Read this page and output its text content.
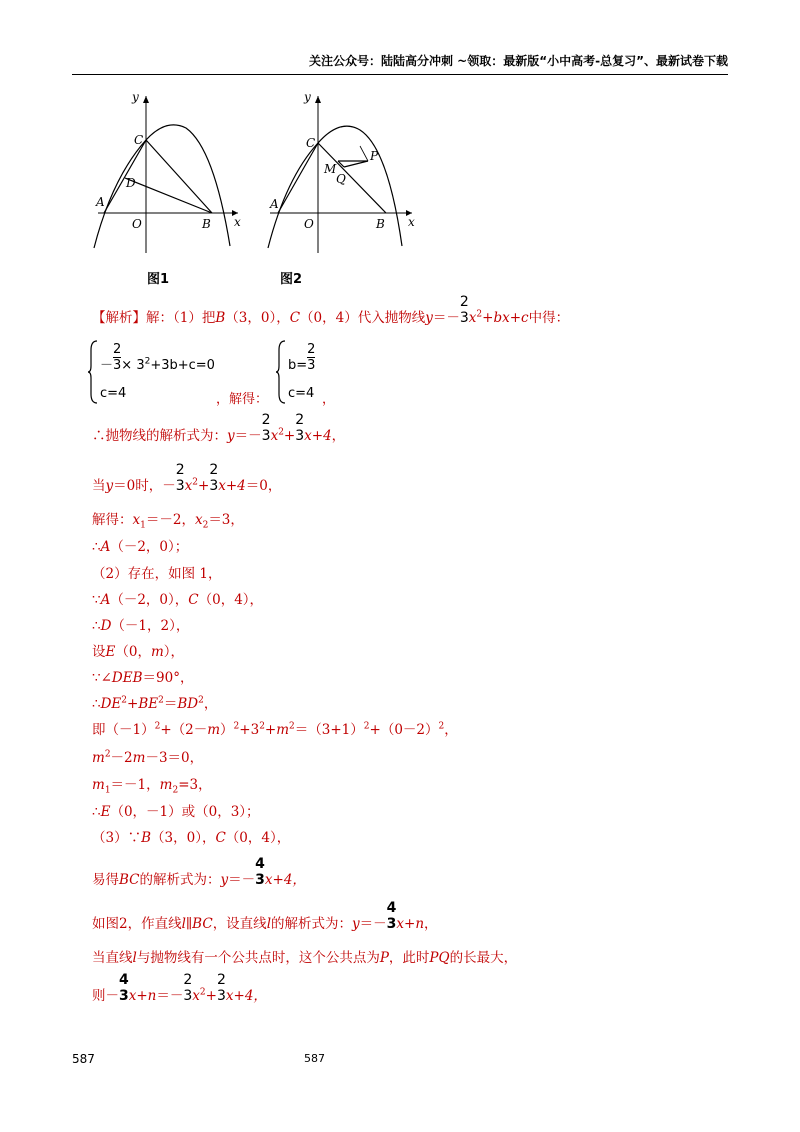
关注公众号：陆陆高分冲刺 ~领取：最新版“小中高考-总复习”、最新试卷下载
y
x
C
D
A
O	B
图1
y
x
C
P
M
Q
A
O	B
图2
【解析】解：（1）把B（3，0），C（0，4）代入抛物线y＝－
2
3 $x^2+bx+c$中得：
－ $\frac{2}{3} \times 3^2+3b+c=0$
c=4	，解得：
$b= \frac{2}{3}$
c=4 ，
∴抛物线的解析式为：y＝－
2
3 $x^2+$
2
3 x+4，
当y＝0时，－
2
3 $x^2+$
2
3 x+4＝0，
解得：$x_1=-2$，$x_2=3$，
∴A（－2，0）；
（2）存在，如图 1，
∵A（－2，0），C（0，4），
∴D（－1，2），
设E（0，m），
∵∠DEB＝90°，
$\therefore DE^2+BE^2=BD^2$，
即$(-1)^2+(2-m)^2+3^2+m^2=(3+1)^2+(0-2)^2$，
$m^2-2m-3=0$，
$m_1=-1$，$m_2=3$，
∴E（0，－1）或（0，3）；
（3）∵B（3，0），C（0，4），
易得BC的解析式为：y＝－
4
3 x+4，
如图2，作直线l∥BC，设直线l的解析式为：y＝－
4
3 x+n，
当直线l与抛物线有一个公共点时，这个公共点为P，此时PQ的长最大，
则－
4
3 x+n＝－
2
3 $x^2+$
2
3 x+4，
587	587
